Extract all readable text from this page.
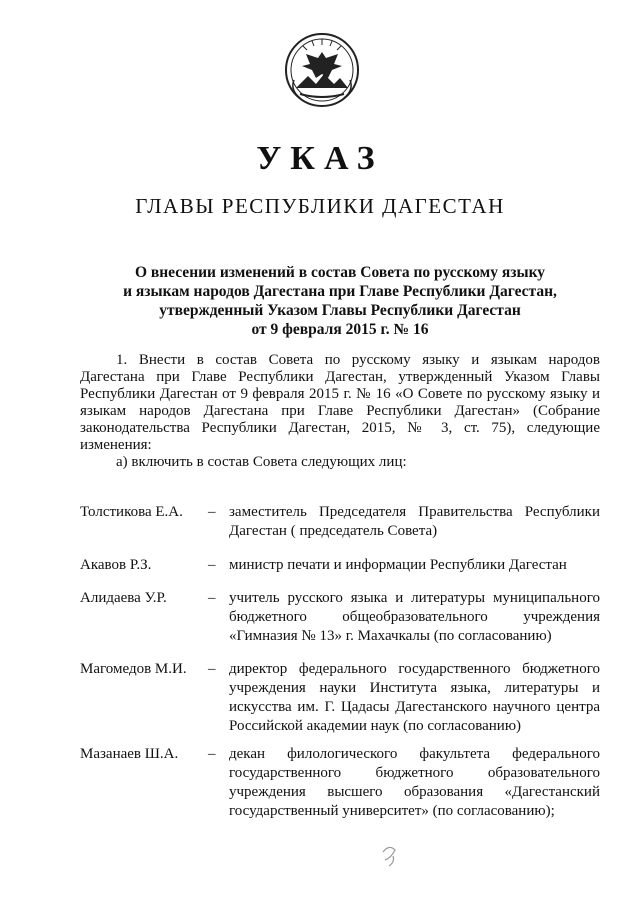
УКАЗ
ГЛАВЫ РЕСПУБЛИКИ ДАГЕСТАН
О внесении изменений в состав Совета по русскому языку
и языкам народов Дагестана при Главе Республики Дагестан,
утвержденный Указом Главы Республики Дагестан
от 9 февраля 2015 г. № 16
1. Внести в состав Совета по русскому языку и языкам народов
Дагестана при Главе Республики Дагестан, утвержденный Указом Главы
Республики Дагестан от 9 февраля 2015 г. № 16 «О Совете по русскому языку и
языкам народов Дагестана при Главе Республики Дагестан» (Собрание
законодательства Республики Дагестан, 2015, № 3, ст. 75), следующие
изменения:
а) включить в состав Совета следующих лиц:
Толстикова Е.А. – заместитель Председателя Правительства Республики
Дагестан ( председатель Совета)
Акавов Р.З.	– министр печати и информации Республики Дагестан
Алидаева У.Р.	– учитель русского языка и литературы муниципального
бюджетного общеобразовательного учреждения
«Гимназия № 13» г. Махачкалы (по согласованию)
Магомедов М.И. – директор федерального государственного бюджетного
учреждения науки Института языка, литературы и
искусства им. Г. Цадасы Дагестанского научного центра
Российской академии наук (по согласованию)
Мазанаев Ш.А. – декан филологического факультета федерального
государственного бюджетного образовательного
учреждения высшего образования «Дагестанский
государственный университет» (по согласованию);
